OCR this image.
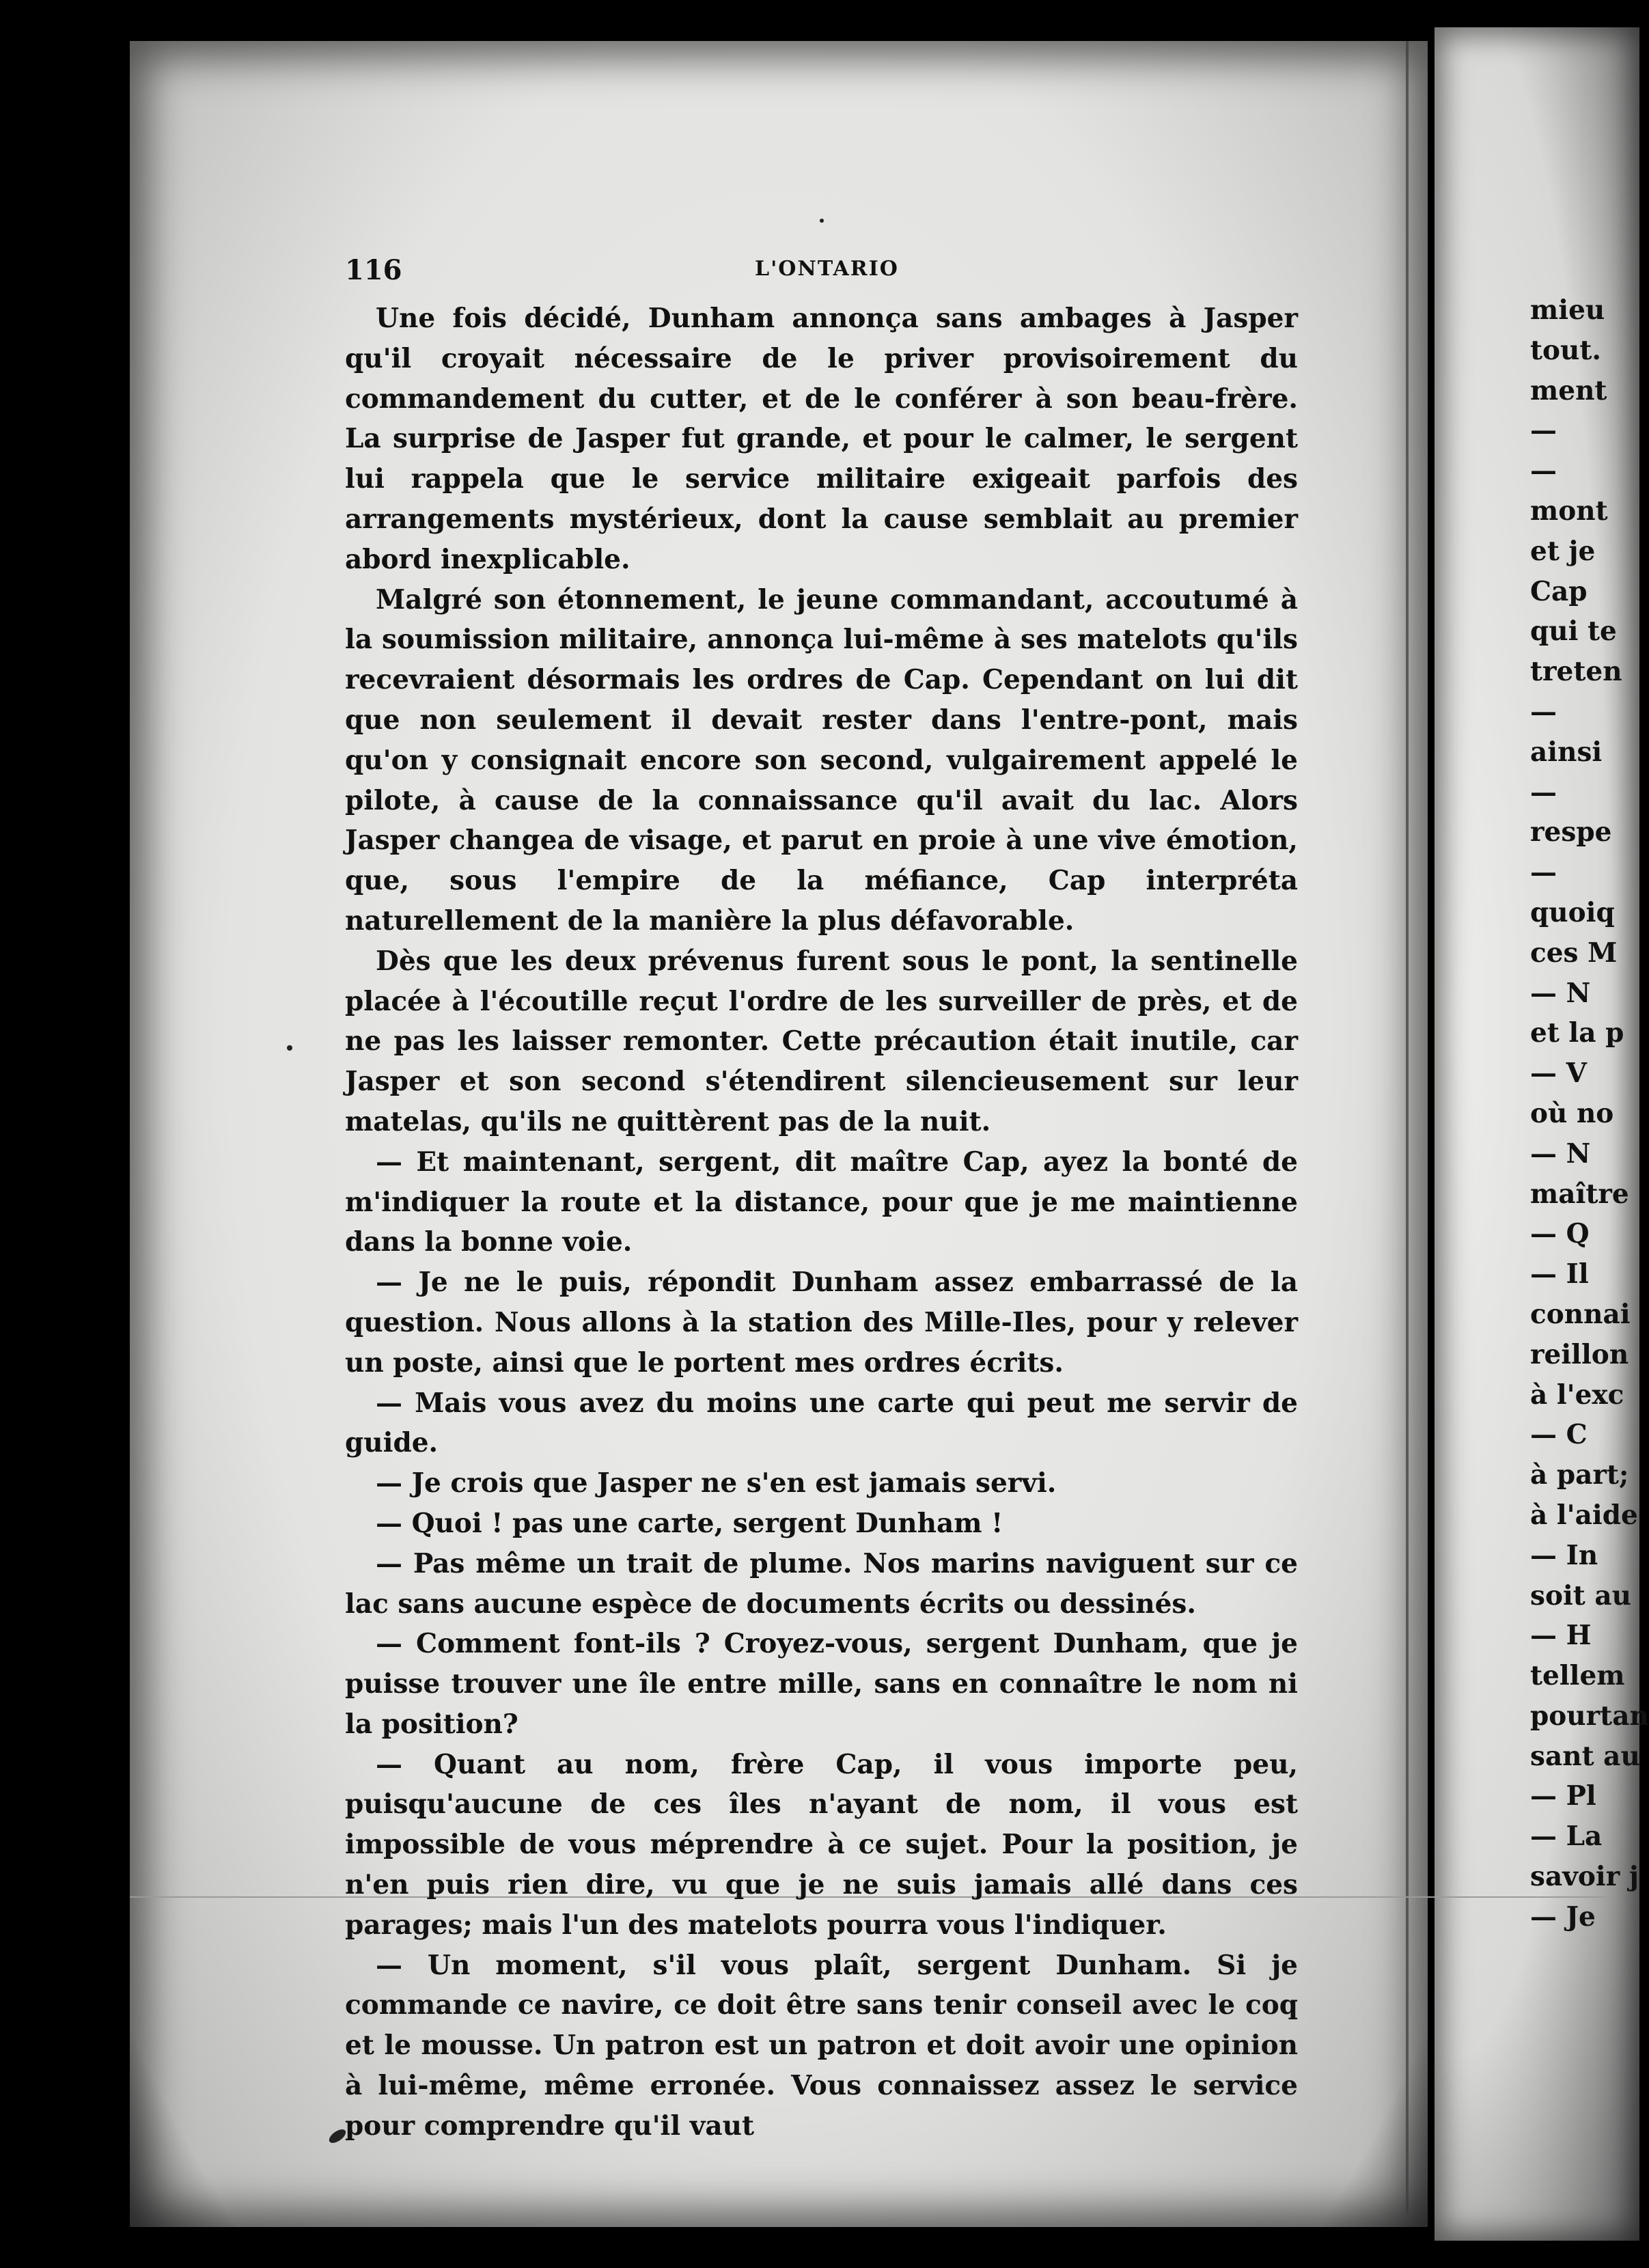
116	L'ONTARIO

Une fois décidé, Dunham annonça sans ambages à Jasper qu'il croyait nécessaire de le priver provisoirement du commandement du cutter, et de le conférer à son beau-frère. La surprise de Jasper fut grande, et pour le calmer, le sergent lui rappela que le service militaire exigeait parfois des arrangements mystérieux, dont la cause semblait au premier abord inexplicable.

Malgré son étonnement, le jeune commandant, accoutumé à la soumission militaire, annonça lui-même à ses matelots qu'ils recevraient désormais les ordres de Cap. Cependant on lui dit que non seulement il devait rester dans l'entre-pont, mais qu'on y consignait encore son second, vulgairement appelé le pilote, à cause de la connaissance qu'il avait du lac. Alors Jasper changea de visage, et parut en proie à une vive émotion, que, sous l'empire de la méfiance, Cap interpréta naturellement de la manière la plus défavorable.

Dès que les deux prévenus furent sous le pont, la sentinelle placée à l'écoutille reçut l'ordre de les surveiller de près, et de ne pas les laisser remonter. Cette précaution était inutile, car Jasper et son second s'étendirent silencieusement sur leur matelas, qu'ils ne quittèrent pas de la nuit.

— Et maintenant, sergent, dit maître Cap, ayez la bonté de m'indiquer la route et la distance, pour que je me maintienne dans la bonne voie.

— Je ne le puis, répondit Dunham assez embarrassé de la question. Nous allons à la station des Mille-Iles, pour y relever un poste, ainsi que le portent mes ordres écrits.

— Mais vous avez du moins une carte qui peut me servir de guide.

— Je crois que Jasper ne s'en est jamais servi.

— Quoi ! pas une carte, sergent Dunham !

— Pas même un trait de plume. Nos marins naviguent sur ce lac sans aucune espèce de documents écrits ou dessinés.

— Comment font-ils ? Croyez-vous, sergent Dunham, que je puisse trouver une île entre mille, sans en connaître le nom ni la position?

— Quant au nom, frère Cap, il vous importe peu, puisqu'aucune de ces îles n'ayant de nom, il vous est impossible de vous méprendre à ce sujet. Pour la position, je n'en puis rien dire, vu que je ne suis jamais allé dans ces parages; mais l'un des matelots pourra vous l'indiquer.

— Un moment, s'il vous plaît, sergent Dunham. Si je commande ce navire, ce doit être sans tenir conseil avec le coq et le mousse. Un patron est un patron et doit avoir une opinion à lui-même, même erronée. Vous connaissez assez le service pour comprendre qu'il vaut

mieu
tout.
ment
—
—
mont
et je
Cap
qui te
treten
—
ainsi
—
respe
—
quoiq
ces M
— N
et la p
— V
où no
— N
maître
— Q
— Il
connai
reillon
à l'exc
— C
à part;
à l'aide
— In
soit au
— H
tellem
pourtan
sant au
— Pl
— La
savoir j
— Je
